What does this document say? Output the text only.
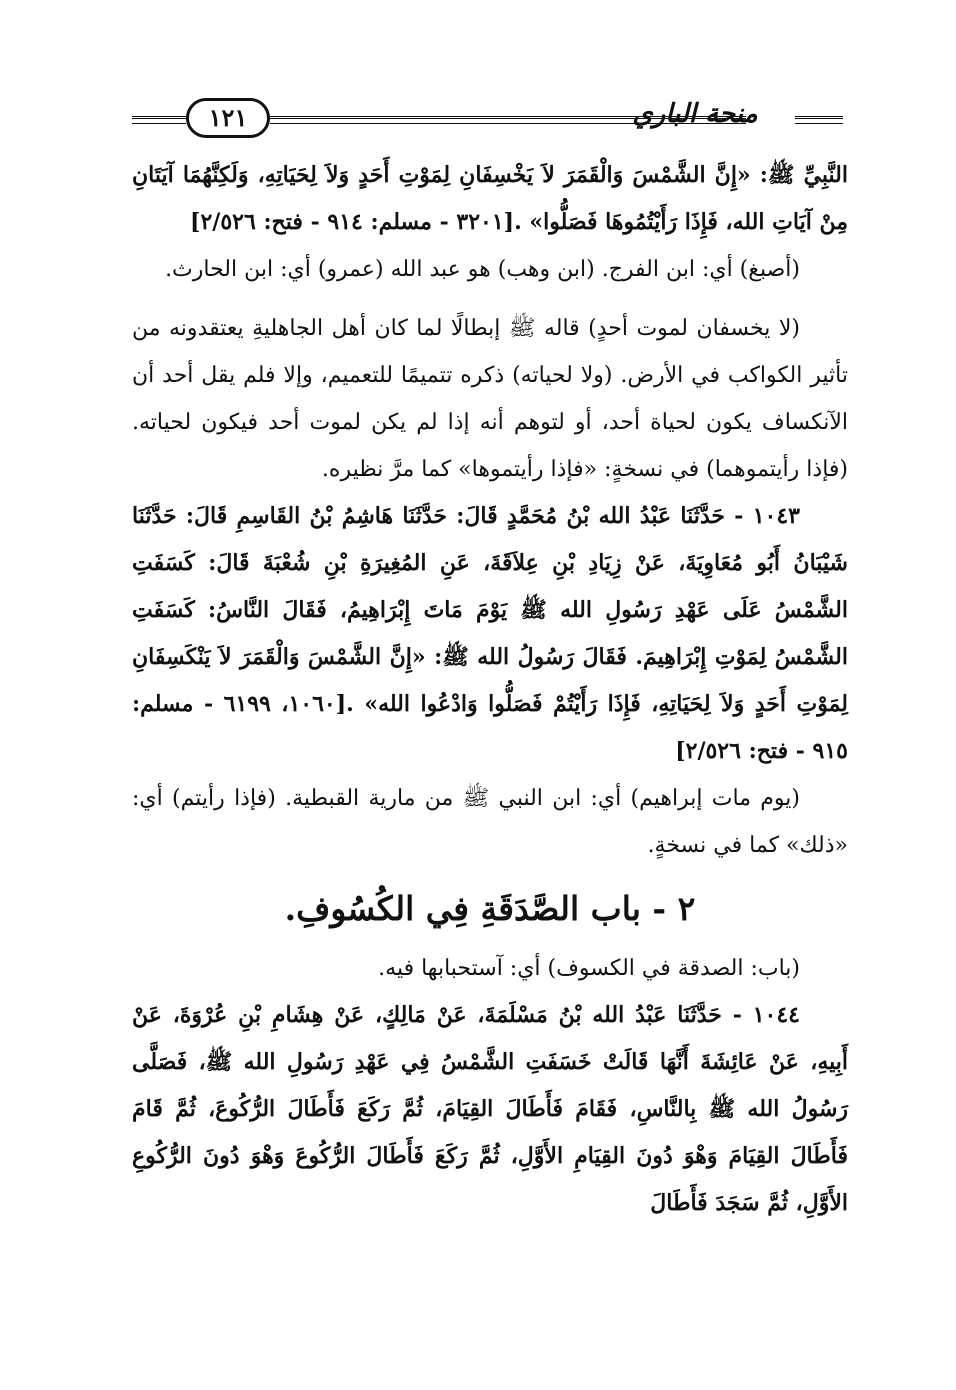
١٢١	منحة الباري

النَّبِيِّ ﷺ: «إِنَّ الشَّمْسَ وَالْقَمَرَ لاَ يَخْسِفَانِ لِمَوْتِ أَحَدٍ وَلاَ لِحَيَاتِهِ، وَلَكِنَّهُمَا آيَتَانِ مِنْ آيَاتِ الله، فَإِذَا رَأَيْتُمُوهَا فَصَلُّوا» .[٣٢٠١ - مسلم: ٩١٤ - فتح: ٢/٥٢٦]

(أصبغ) أي: ابن الفرج. (ابن وهب) هو عبد الله (عمرو) أي: ابن الحارث.

(لا يخسفان لموت أحدٍ) قاله ﷺ إبطالًا لما كان أهل الجاهليةِ يعتقدونه من تأثير الكواكب في الأرض. (ولا لحياته) ذكره تتميمًا للتعميم، وإلا فلم يقل أحد أن الآنكساف يكون لحياة أحد، أو لتوهم أنه إذا لم يكن لموت أحد فيكون لحياته. (فإذا رأيتموهما) في نسخةٍ: «فإذا رأيتموها» كما مرَّ نظيره.

١٠٤٣ - حَدَّثَنَا عَبْدُ الله بْنُ مُحَمَّدٍ قَالَ: حَدَّثَنَا هَاشِمُ بْنُ القَاسِمِ قَالَ: حَدَّثَنَا شَيْبَانُ أَبُو مُعَاوِيَةَ، عَنْ زِيَادِ بْنِ عِلاَقَةَ، عَنِ المُغِيرَةِ بْنِ شُعْبَةَ قَالَ: كَسَفَتِ الشَّمْسُ عَلَى عَهْدِ رَسُولِ الله ﷺ يَوْمَ مَاتَ إِبْرَاهِيمُ، فَقَالَ النَّاسُ: كَسَفَتِ الشَّمْسُ لِمَوْتِ إِبْرَاهِيمَ. فَقَالَ رَسُولُ الله ﷺ: «إِنَّ الشَّمْسَ وَالْقَمَرَ لاَ يَنْكَسِفَانِ لِمَوْتِ أَحَدٍ وَلاَ لِحَيَاتِهِ، فَإِذَا رَأَيْتُمْ فَصَلُّوا وَادْعُوا الله» .[١٠٦٠، ٦١٩٩ - مسلم: ٩١٥ - فتح: ٢/٥٢٦]

(يوم مات إبراهيم) أي: ابن النبي ﷺ من مارية القبطية. (فإذا رأيتم) أي: «ذلك» كما في نسخةٍ.

٢ - باب الصَّدَقَةِ فِي الكُسُوفِ.

(باب: الصدقة في الكسوف) أي: آستحبابها فيه.

١٠٤٤ - حَدَّثَنَا عَبْدُ الله بْنُ مَسْلَمَةَ، عَنْ مَالِكٍ، عَنْ هِشَامِ بْنِ عُرْوَةَ، عَنْ أَبِيهِ، عَنْ عَائِشَةَ أَنَّهَا قَالَتْ خَسَفَتِ الشَّمْسُ فِي عَهْدِ رَسُولِ الله ﷺ، فَصَلَّى رَسُولُ الله ﷺ بِالنَّاسِ، فَقَامَ فَأَطَالَ القِيَامَ، ثُمَّ رَكَعَ فَأَطَالَ الرُّكُوعَ، ثُمَّ قَامَ فَأَطَالَ القِيَامَ وَهْوَ دُونَ القِيَامِ الأَوَّلِ، ثُمَّ رَكَعَ فَأَطَالَ الرُّكُوعَ وَهْوَ دُونَ الرُّكُوعِ الأَوَّلِ، ثُمَّ سَجَدَ فَأَطَالَ
